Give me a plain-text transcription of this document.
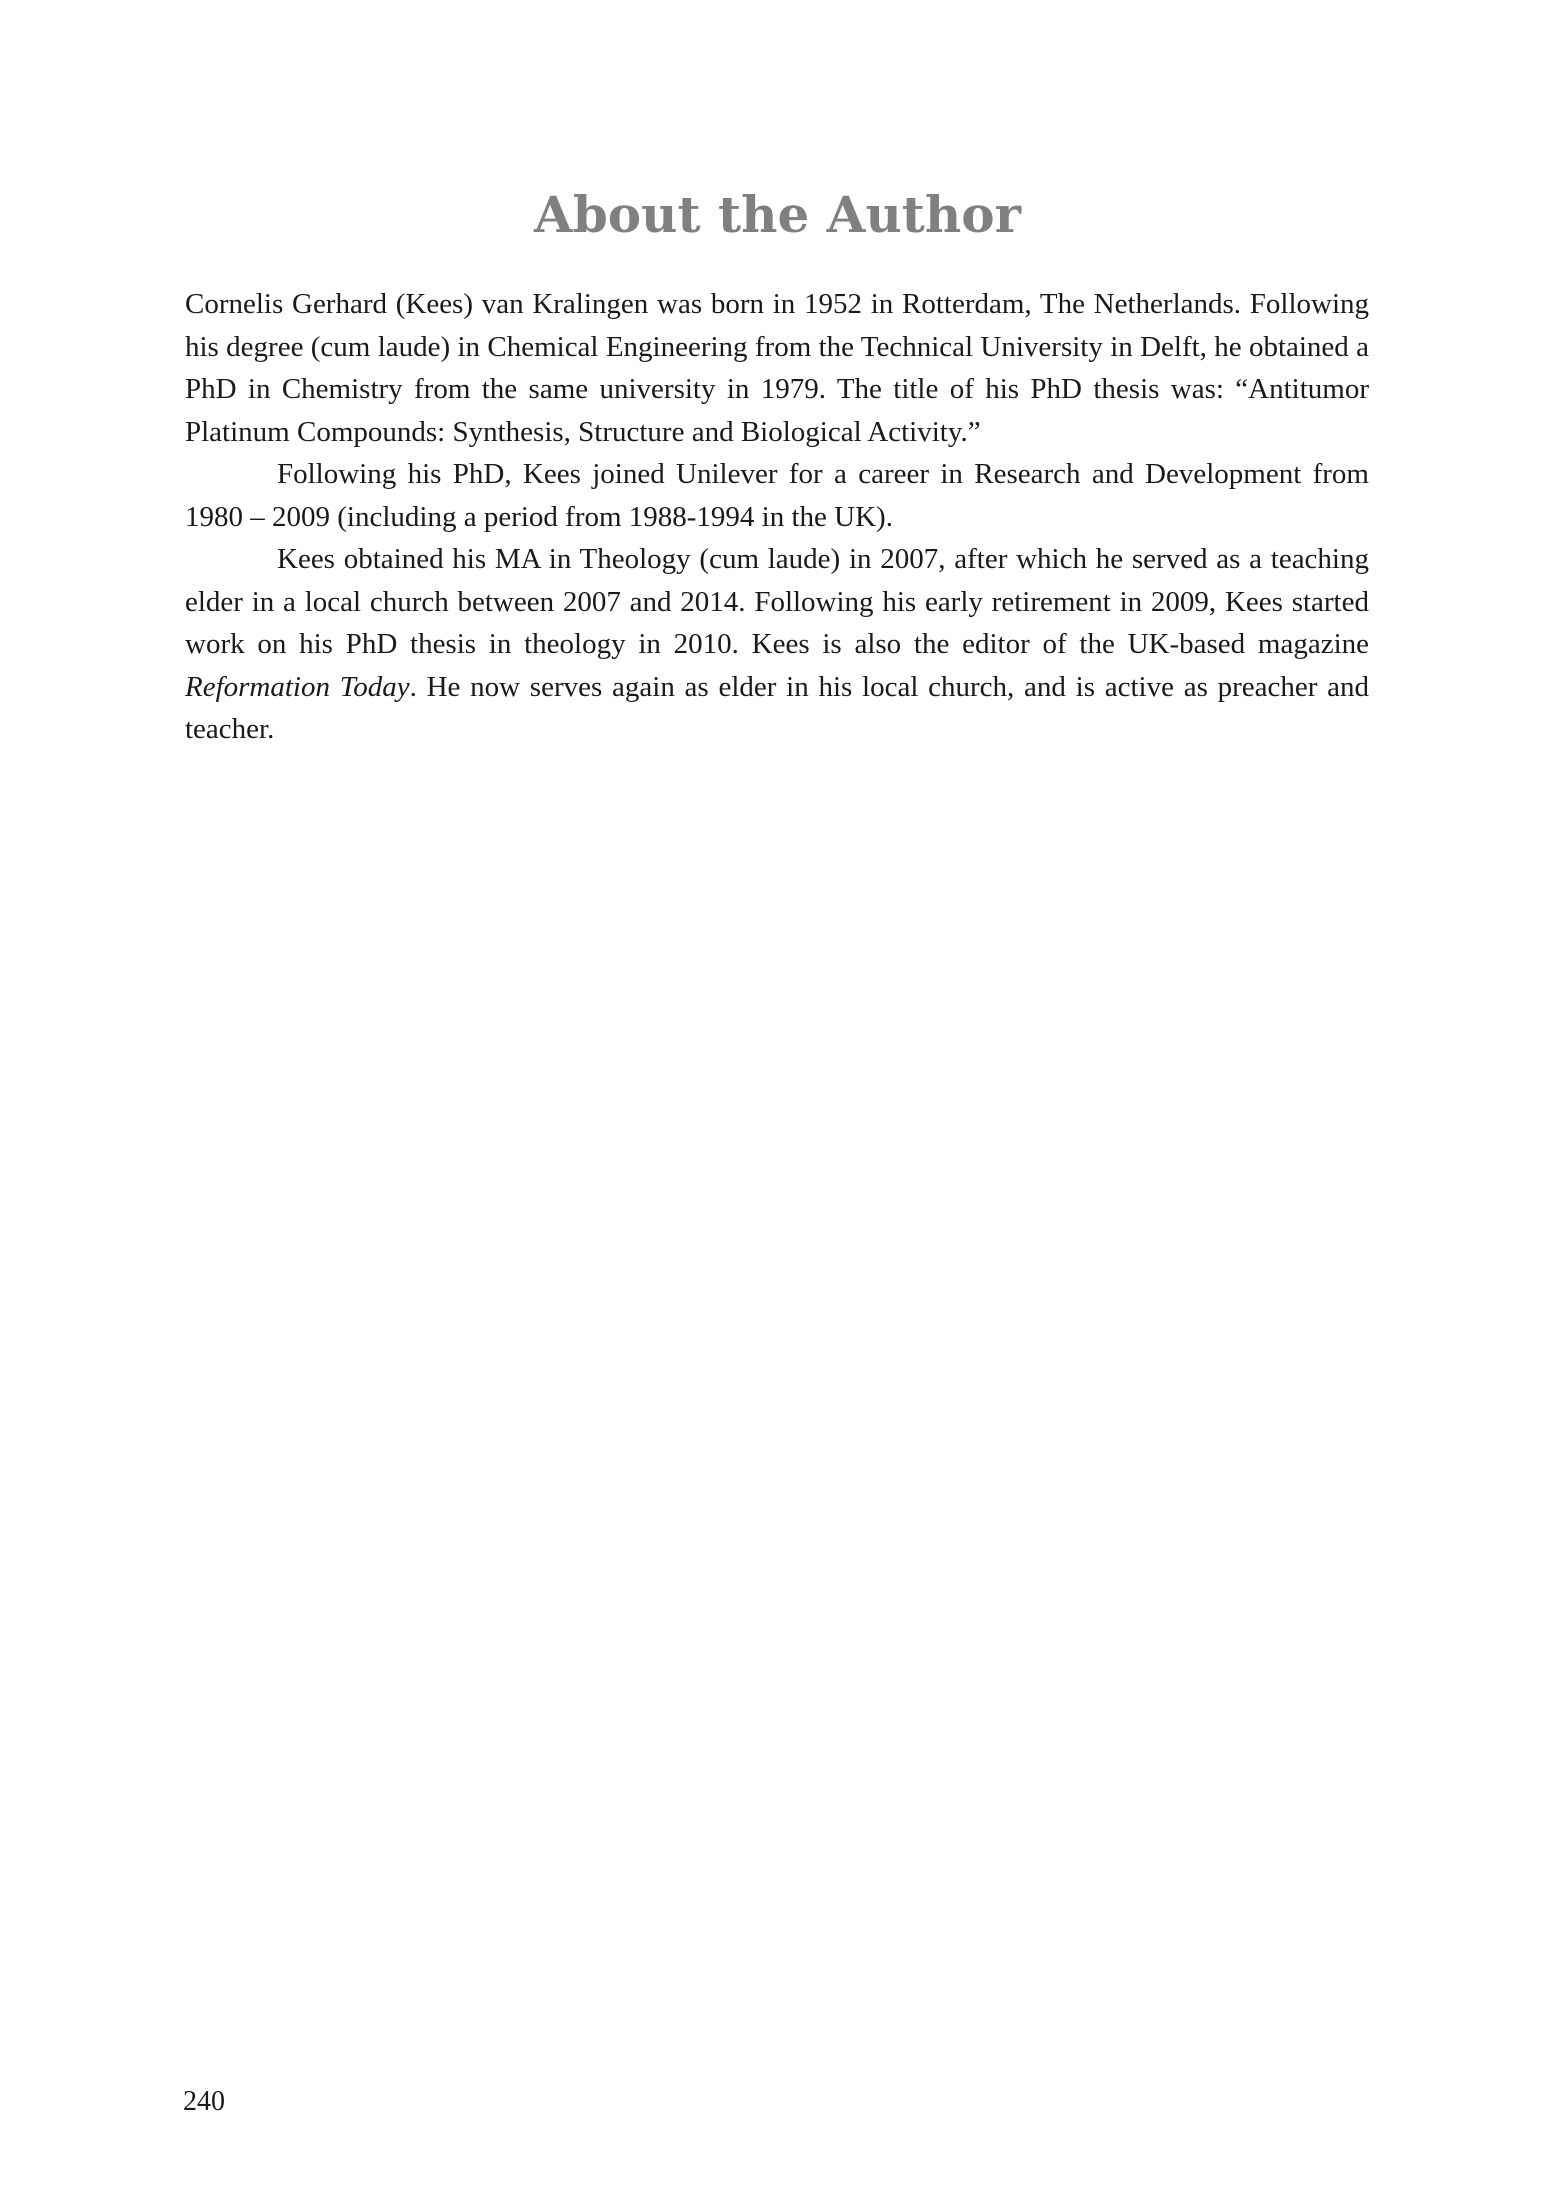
About the Author

Cornelis Gerhard (Kees) van Kralingen was born in 1952 in Rotterdam, The Netherlands. Following his degree (cum laude) in Chemical Engineering from the Technical University in Delft, he obtained a PhD in Chemistry from the same university in 1979. The title of his PhD thesis was: “Antitumor Platinum Compounds: Synthesis, Structure and Biological Activity.”

Following his PhD, Kees joined Unilever for a career in Research and Development from 1980 – 2009 (including a period from 1988-1994 in the UK).

Kees obtained his MA in Theology (cum laude) in 2007, after which he served as a teaching elder in a local church between 2007 and 2014. Following his early retirement in 2009, Kees started work on his PhD thesis in theology in 2010. Kees is also the editor of the UK-based magazine Reformation Today. He now serves again as elder in his local church, and is active as preacher and teacher.

240
